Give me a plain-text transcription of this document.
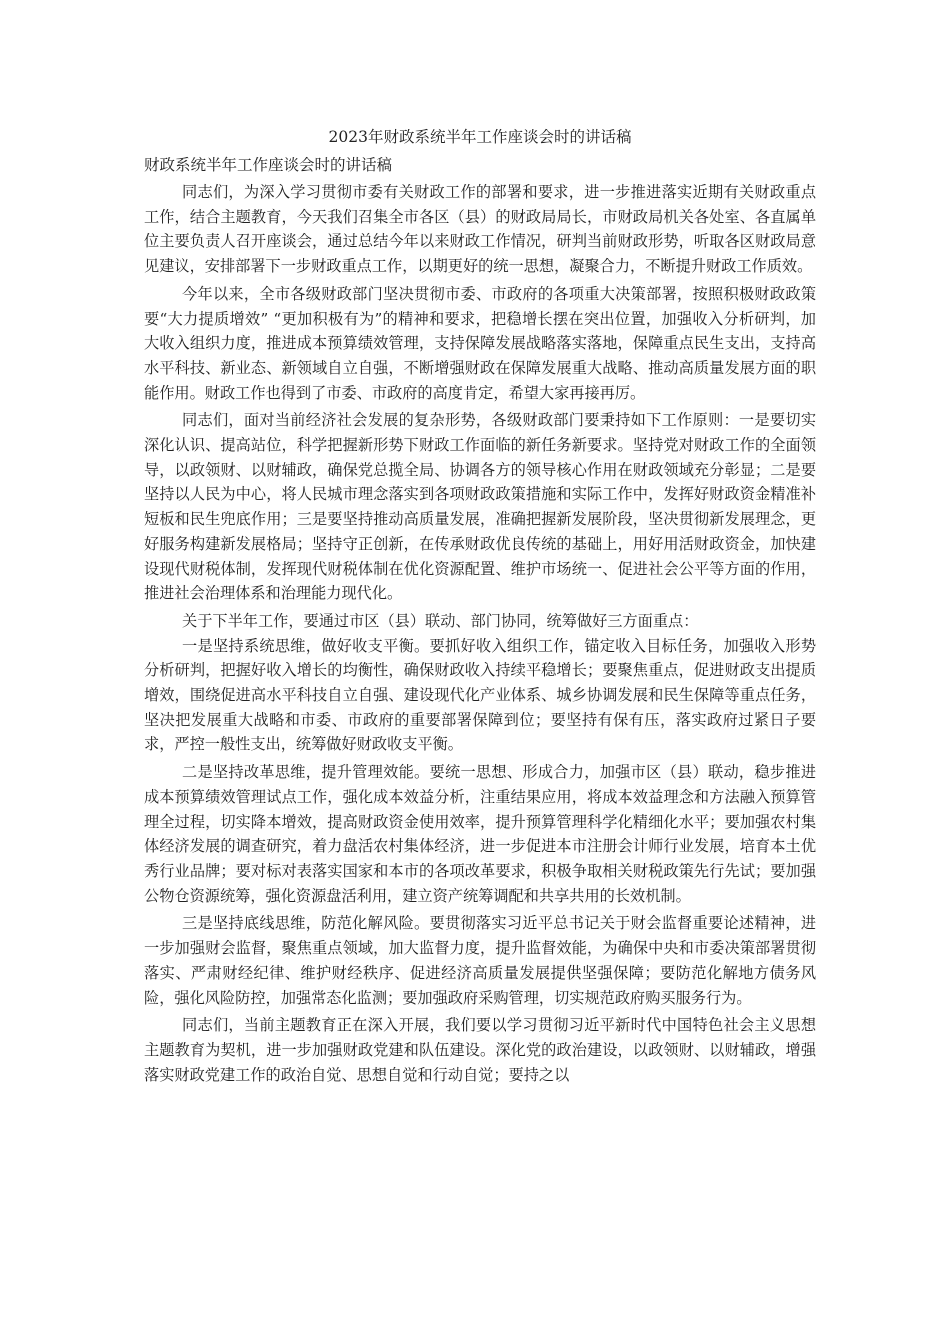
2023年财政系统半年工作座谈会时的讲话稿
财政系统半年工作座谈会时的讲话稿

同志们，为深入学习贯彻市委有关财政工作的部署和要求，进一步推进落实近期有关财政重点工作，结合主题教育，今天我们召集全市各区（县）的财政局局长，市财政局机关各处室、各直属单位主要负责人召开座谈会，通过总结今年以来财政工作情况，研判当前财政形势，听取各区财政局意见建议，安排部署下一步财政重点工作，以期更好的统一思想，凝聚合力，不断提升财政工作质效。

今年以来，全市各级财政部门坚决贯彻市委、市政府的各项重大决策部署，按照积极财政政策要“大力提质增效” “更加积极有为”的精神和要求，把稳增长摆在突出位置，加强收入分析研判，加大收入组织力度，推进成本预算绩效管理，支持保障发展战略落实落地，保障重点民生支出，支持高水平科技、新业态、新领域自立自强，不断增强财政在保障发展重大战略、推动高质量发展方面的职能作用。财政工作也得到了市委、市政府的高度肯定，希望大家再接再厉。

同志们，面对当前经济社会发展的复杂形势，各级财政部门要秉持如下工作原则：一是要切实深化认识、提高站位，科学把握新形势下财政工作面临的新任务新要求。坚持党对财政工作的全面领导，以政领财、以财辅政，确保党总揽全局、协调各方的领导核心作用在财政领域充分彰显；二是要坚持以人民为中心，将人民城市理念落实到各项财政政策措施和实际工作中，发挥好财政资金精准补短板和民生兜底作用；三是要坚持推动高质量发展，准确把握新发展阶段，坚决贯彻新发展理念，更好服务构建新发展格局；坚持守正创新，在传承财政优良传统的基础上，用好用活财政资金，加快建设现代财税体制，发挥现代财税体制在优化资源配置、维护市场统一、促进社会公平等方面的作用，推进社会治理体系和治理能力现代化。

关于下半年工作，要通过市区（县）联动、部门协同，统筹做好三方面重点：

一是坚持系统思维，做好收支平衡。要抓好收入组织工作，锚定收入目标任务，加强收入形势分析研判，把握好收入增长的均衡性，确保财政收入持续平稳增长；要聚焦重点，促进财政支出提质增效，围绕促进高水平科技自立自强、建设现代化产业体系、城乡协调发展和民生保障等重点任务，坚决把发展重大战略和市委、市政府的重要部署保障到位；要坚持有保有压，落实政府过紧日子要求，严控一般性支出，统筹做好财政收支平衡。

二是坚持改革思维，提升管理效能。要统一思想、形成合力，加强市区（县）联动，稳步推进成本预算绩效管理试点工作，强化成本效益分析，注重结果应用，将成本效益理念和方法融入预算管理全过程，切实降本增效，提高财政资金使用效率，提升预算管理科学化精细化水平；要加强农村集体经济发展的调查研究，着力盘活农村集体经济，进一步促进本市注册会计师行业发展，培育本土优秀行业品牌；要对标对表落实国家和本市的各项改革要求，积极争取相关财税政策先行先试；要加强公物仓资源统筹，强化资源盘活利用，建立资产统筹调配和共享共用的长效机制。

三是坚持底线思维，防范化解风险。要贯彻落实习近平总书记关于财会监督重要论述精神，进一步加强财会监督，聚焦重点领域，加大监督力度，提升监督效能，为确保中央和市委决策部署贯彻落实、严肃财经纪律、维护财经秩序、促进经济高质量发展提供坚强保障；要防范化解地方债务风险，强化风险防控，加强常态化监测；要加强政府采购管理，切实规范政府购买服务行为。

同志们，当前主题教育正在深入开展，我们要以学习贯彻习近平新时代中国特色社会主义思想主题教育为契机，进一步加强财政党建和队伍建设。深化党的政治建设，以政领财、以财辅政，增强落实财政党建工作的政治自觉、思想自觉和行动自觉；要持之以
